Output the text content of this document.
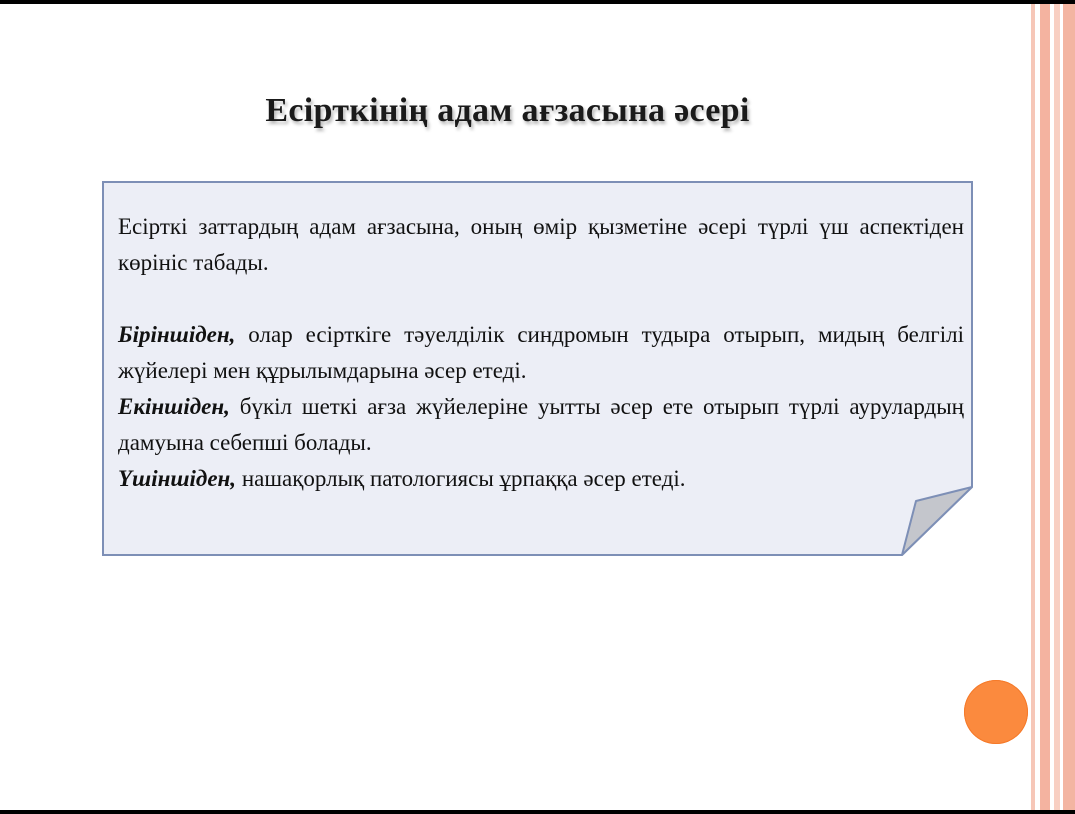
Есірткінің адам ағзасына әсері

Есірткі заттардың адам ағзасына, оның өмір қызметіне әсері түрлі үш аспектіден көрініс табады.

Біріншіден, олар есірткіге тәуелділік синдромын тудыра отырып, мидың белгілі жүйелері мен құрылымдарына әсер етеді.

Екіншіден, бүкіл шеткі ағза жүйелеріне уытты әсер ете отырып түрлі аурулардың дамуына себепші болады.

Үшіншіден, нашақорлық патологиясы ұрпаққа әсер етеді.
